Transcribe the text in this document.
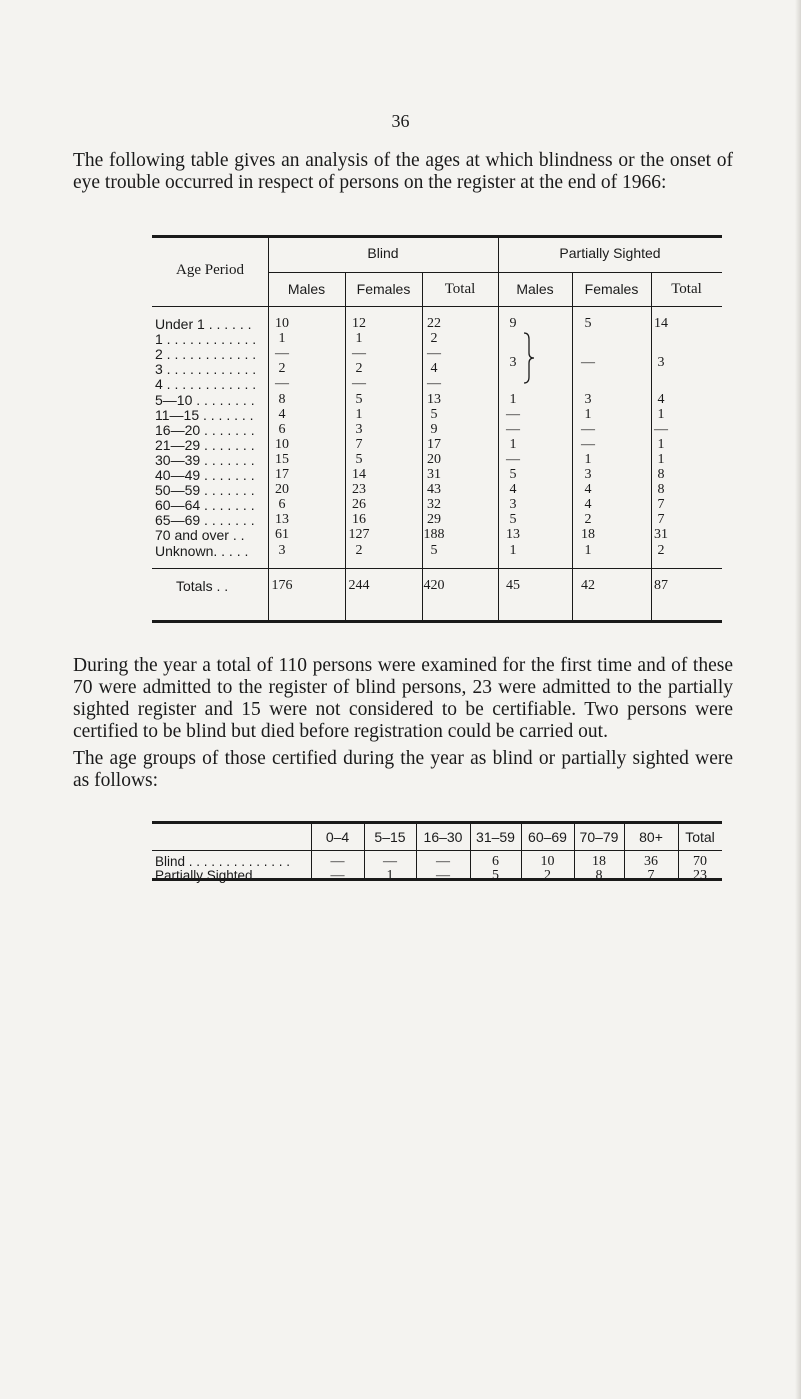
36
The following table gives an analysis of the ages at which blindness or the onset of eye trouble occurred in respect of persons on the register at the end of 1966:
Age Period
Blind	Partially Sighted
Males	Females	Total	Males	Females	Total
Under 1 . . . . . .	10	12	22	9	5	14
1 . . . . . . . . . . . .	1	1	2
2 . . . . . . . . . . . .	—	—	—
3 . . . . . . . . . . . .	2	2	4	3	—	3
4 . . . . . . . . . . . .	—	—	—
5—10 . . . . . . . .	8	5	13	1	3	4
11—15 . . . . . . .	4	1	5	—	1	1
16—20 . . . . . . .	6	3	9	—	—	—
21—29 . . . . . . .	10	7	17	1	—	1
30—39 . . . . . . .	15	5	20	—	1	1
40—49 . . . . . . .	17	14	31	5	3	8
50—59 . . . . . . .	20	23	43	4	4	8
60—64 . . . . . . .	6	26	32	3	4	7
65—69 . . . . . . .	13	16	29	5	2	7
70 and over . .	61	127	188	13	18	31
Unknown. . . . .	3	2	5	1	1	2
Totals . .	176	244	420	45	42	87
During the year a total of 110 persons were examined for the first time and of these 70 were admitted to the register of blind persons, 23 were admitted to the partially sighted register and 15 were not considered to be certifiable. Two persons were certified to be blind but died before registration could be carried out.
The age groups of those certified during the year as blind or partially sighted were as follows:
0–4	5–15	16–30 31–59 60–69 70–79	80+	Total
Blind . . . . . . . . . . . . . .	—	—	—	6	10	18	36	70
Partially Sighted . . . .	—	1	—	5	2	8	7	23
